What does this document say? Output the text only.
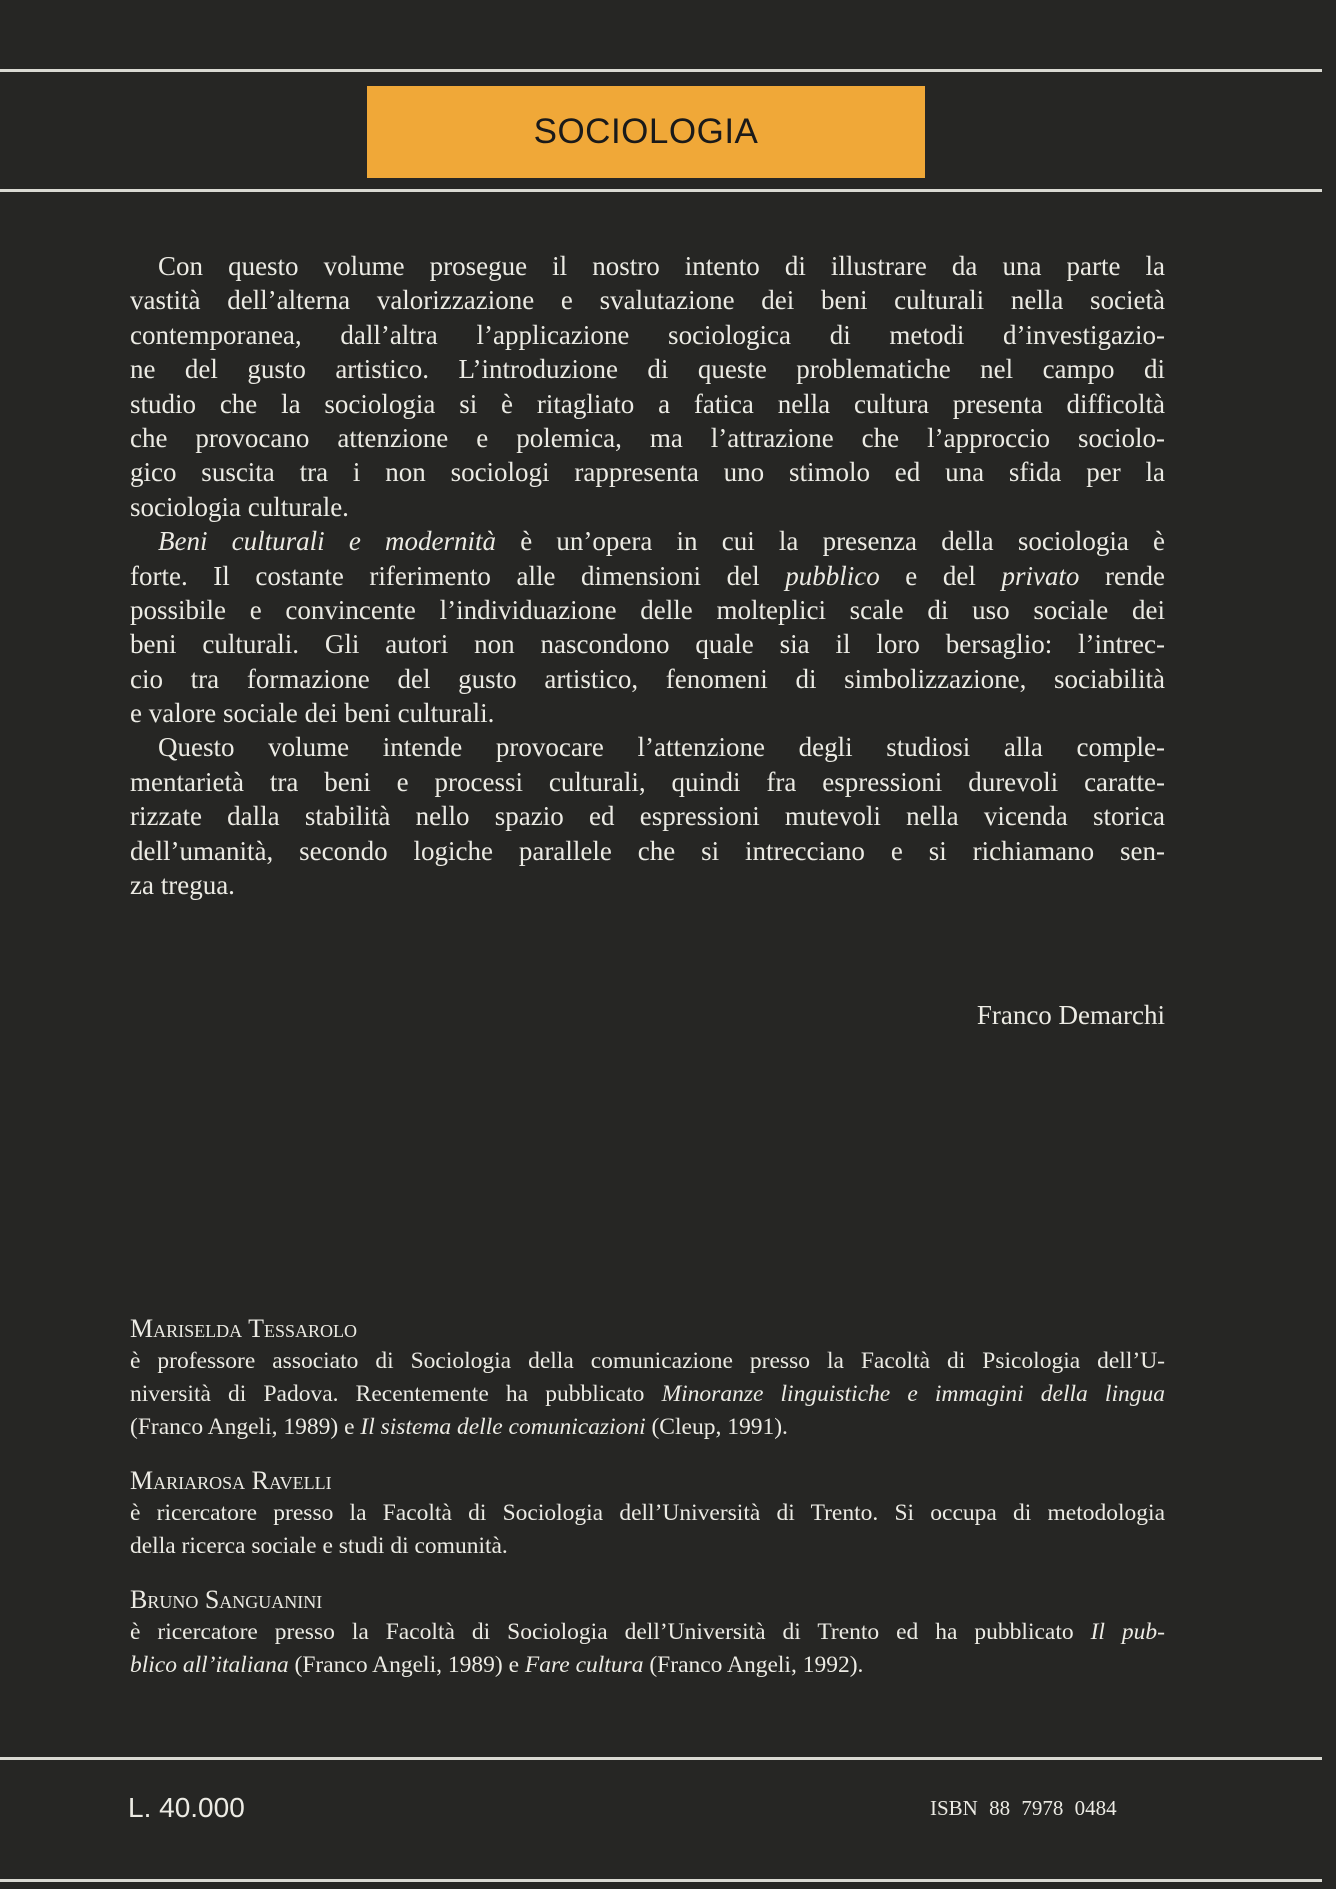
SOCIOLOGIA
Con questo volume prosegue il nostro intento di illustrare da una parte la
vastità dell’alterna valorizzazione e svalutazione dei beni culturali nella società
contemporanea, dall’altra l’applicazione sociologica di metodi d’investigazio-
ne del gusto artistico. L’introduzione di queste problematiche nel campo di
studio che la sociologia si è ritagliato a fatica nella cultura presenta difficoltà
che provocano attenzione e polemica, ma l’attrazione che l’approccio sociolo-
gico suscita tra i non sociologi rappresenta uno stimolo ed una sfida per la
sociologia culturale.
Beni culturali e modernità è un’opera in cui la presenza della sociologia è
forte. Il costante riferimento alle dimensioni del pubblico e del privato rende
possibile e convincente l’individuazione delle molteplici scale di uso sociale dei
beni culturali. Gli autori non nascondono quale sia il loro bersaglio: l’intrec-
cio tra formazione del gusto artistico, fenomeni di simbolizzazione, sociabilità
e valore sociale dei beni culturali.
Questo volume intende provocare l’attenzione degli studiosi alla comple-
mentarietà tra beni e processi culturali, quindi fra espressioni durevoli caratte-
rizzate dalla stabilità nello spazio ed espressioni mutevoli nella vicenda storica
dell’umanità, secondo logiche parallele che si intrecciano e si richiamano sen-
za tregua.
Franco Demarchi
Mariselda Tessarolo
è professore associato di Sociologia della comunicazione presso la Facoltà di Psicologia dell’U-
niversità di Padova. Recentemente ha pubblicato Minoranze linguistiche e immagini della lingua
(Franco Angeli, 1989) e Il sistema delle comunicazioni (Cleup, 1991).
Mariarosa Ravelli
è ricercatore presso la Facoltà di Sociologia dell’Università di Trento. Si occupa di metodologia
della ricerca sociale e studi di comunità.
Bruno Sanguanini
è ricercatore presso la Facoltà di Sociologia dell’Università di Trento ed ha pubblicato Il pub-
blico all’italiana (Franco Angeli, 1989) e Fare cultura (Franco Angeli, 1992).
L. 40.000	ISBN 88 7978 0484
